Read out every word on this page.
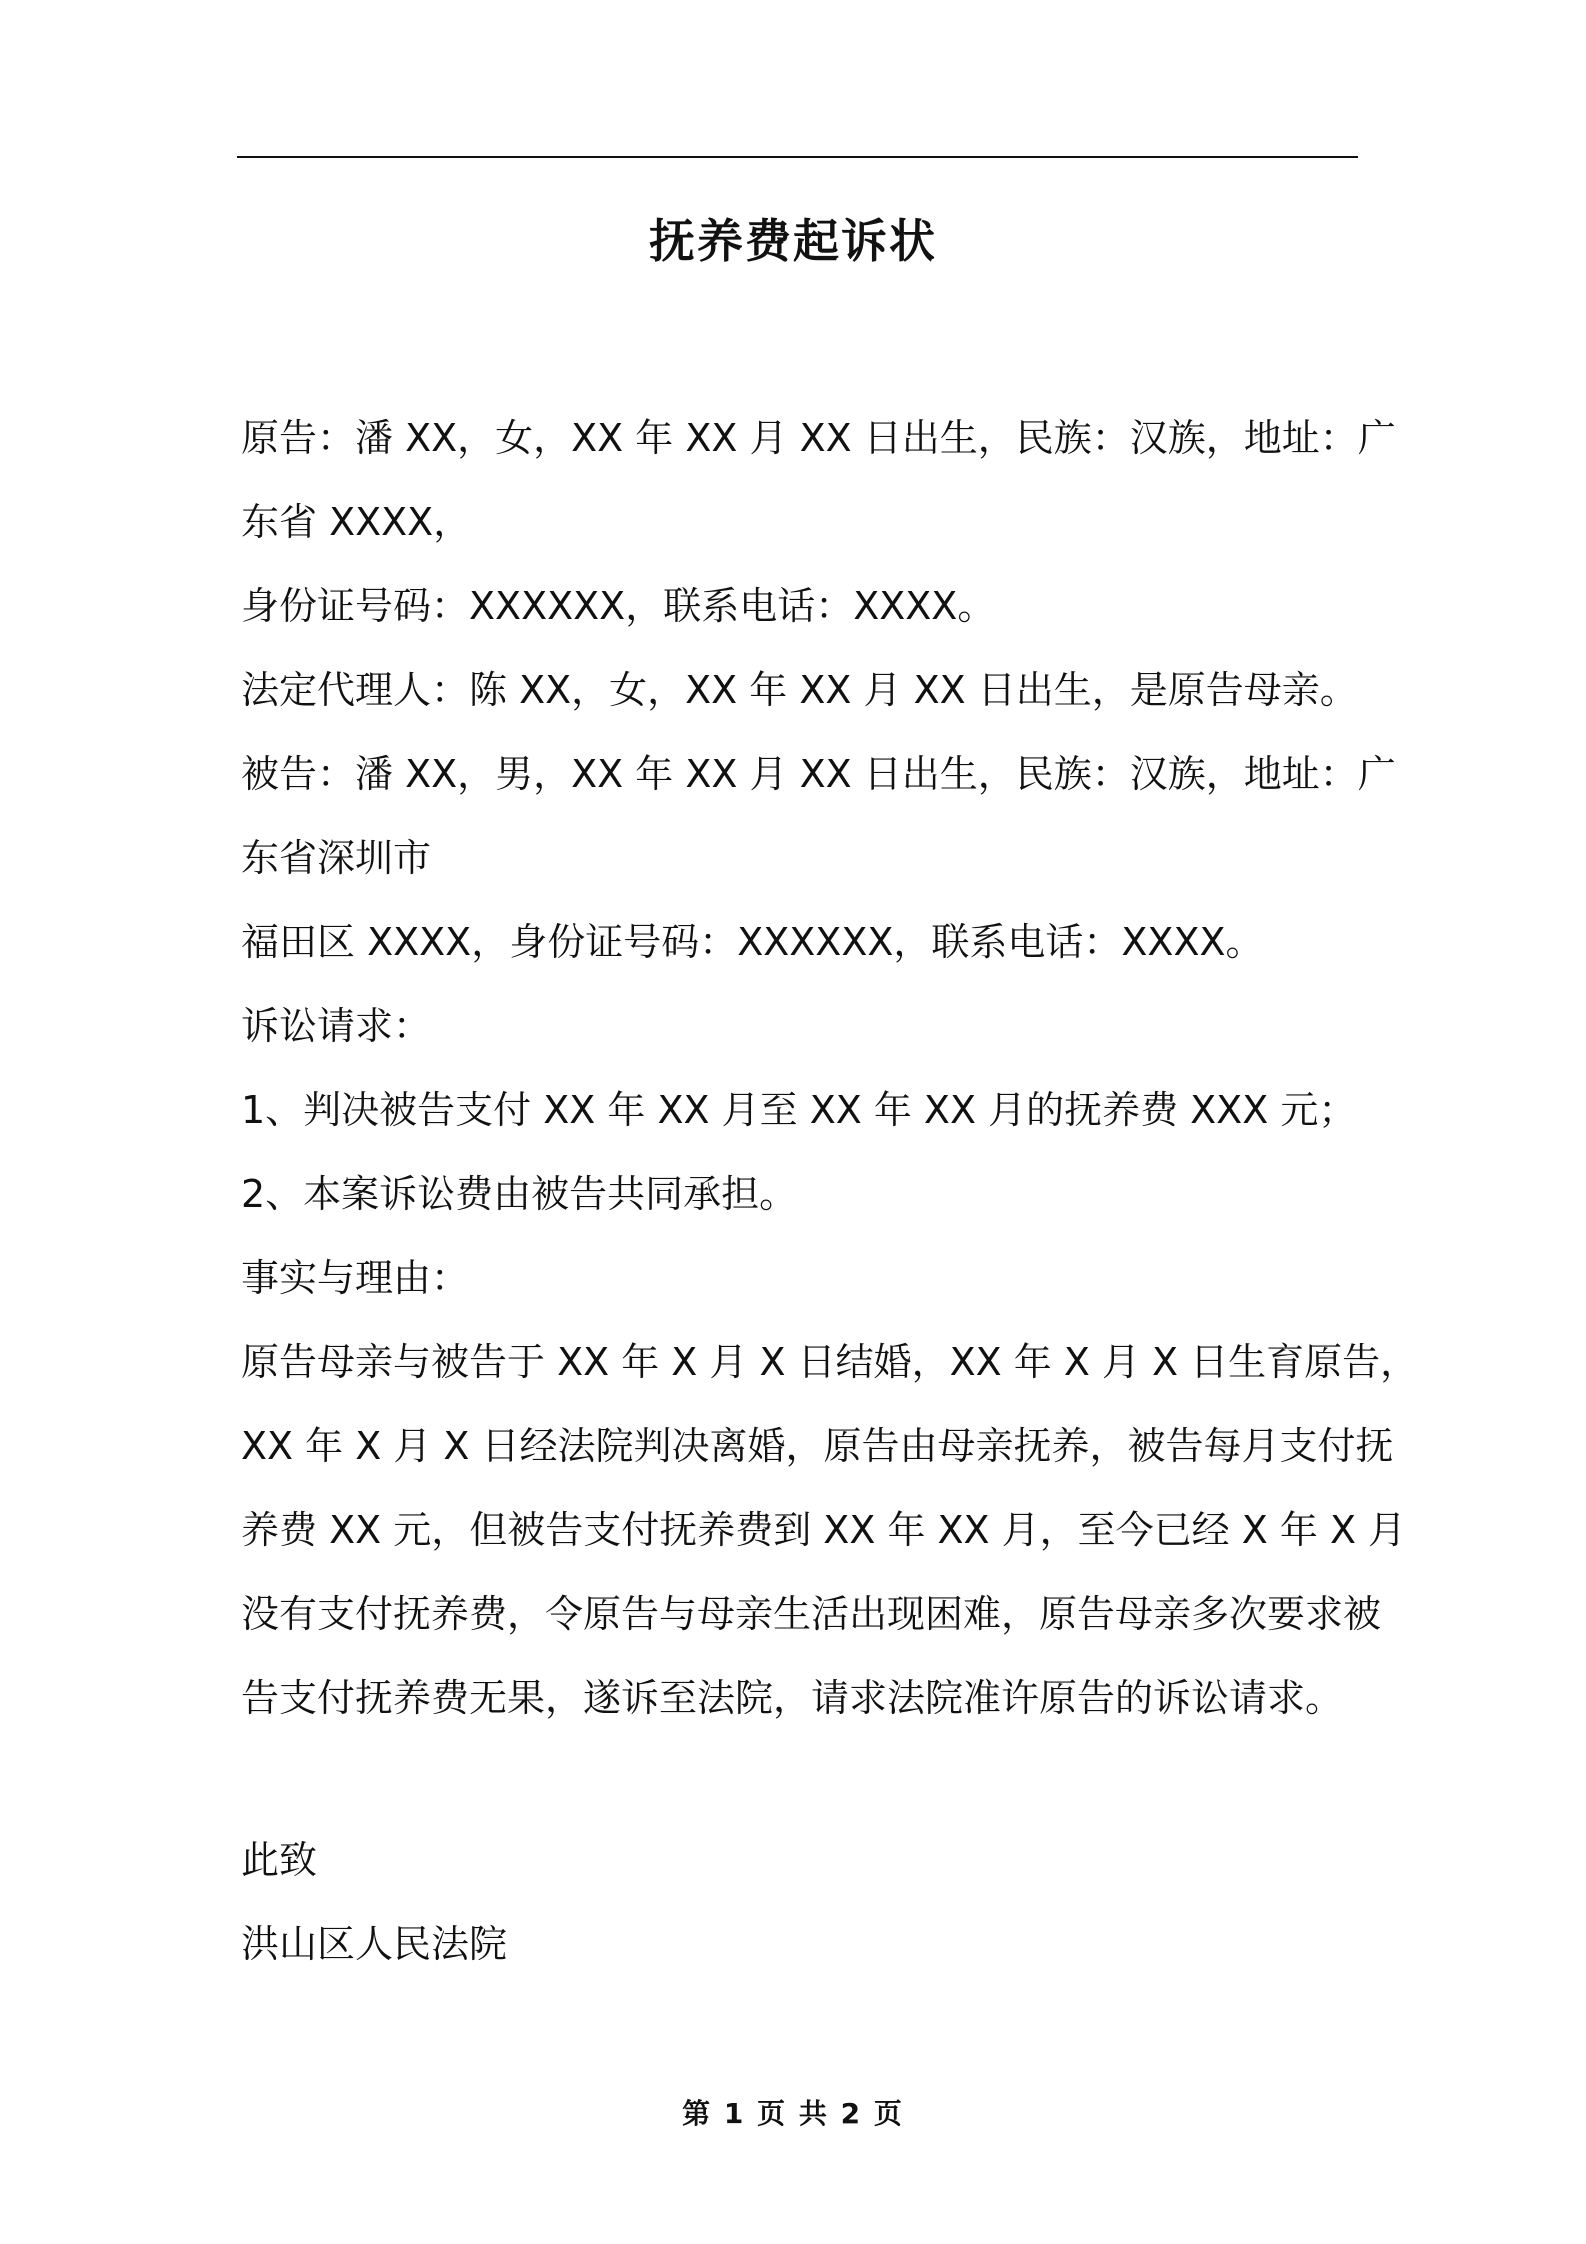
抚养费起诉状

原告：潘 XX，女，XX 年 XX 月 XX 日出生，民族：汉族，地址：广

东省 XXXX，

身份证号码：XXXXXX，联系电话：XXXX。

法定代理人：陈 XX，女，XX 年 XX 月 XX 日出生，是原告母亲。

被告：潘 XX，男，XX 年 XX 月 XX 日出生，民族：汉族，地址：广

东省深圳市

福田区 XXXX，身份证号码：XXXXXX，联系电话：XXXX。

诉讼请求：

1、判决被告支付 XX 年 XX 月至 XX 年 XX 月的抚养费 XXX 元；

2、本案诉讼费由被告共同承担。

事实与理由：

原告母亲与被告于 XX 年 X 月 X 日结婚，XX 年 X 月 X 日生育原告，

XX 年 X 月 X 日经法院判决离婚，原告由母亲抚养，被告每月支付抚

养费 XX 元，但被告支付抚养费到 XX 年 XX 月，至今已经 X 年 X 月

没有支付抚养费，令原告与母亲生活出现困难，原告母亲多次要求被

告支付抚养费无果，遂诉至法院，请求法院准许原告的诉讼请求。

此致

洪山区人民法院

第 1 页 共 2 页
